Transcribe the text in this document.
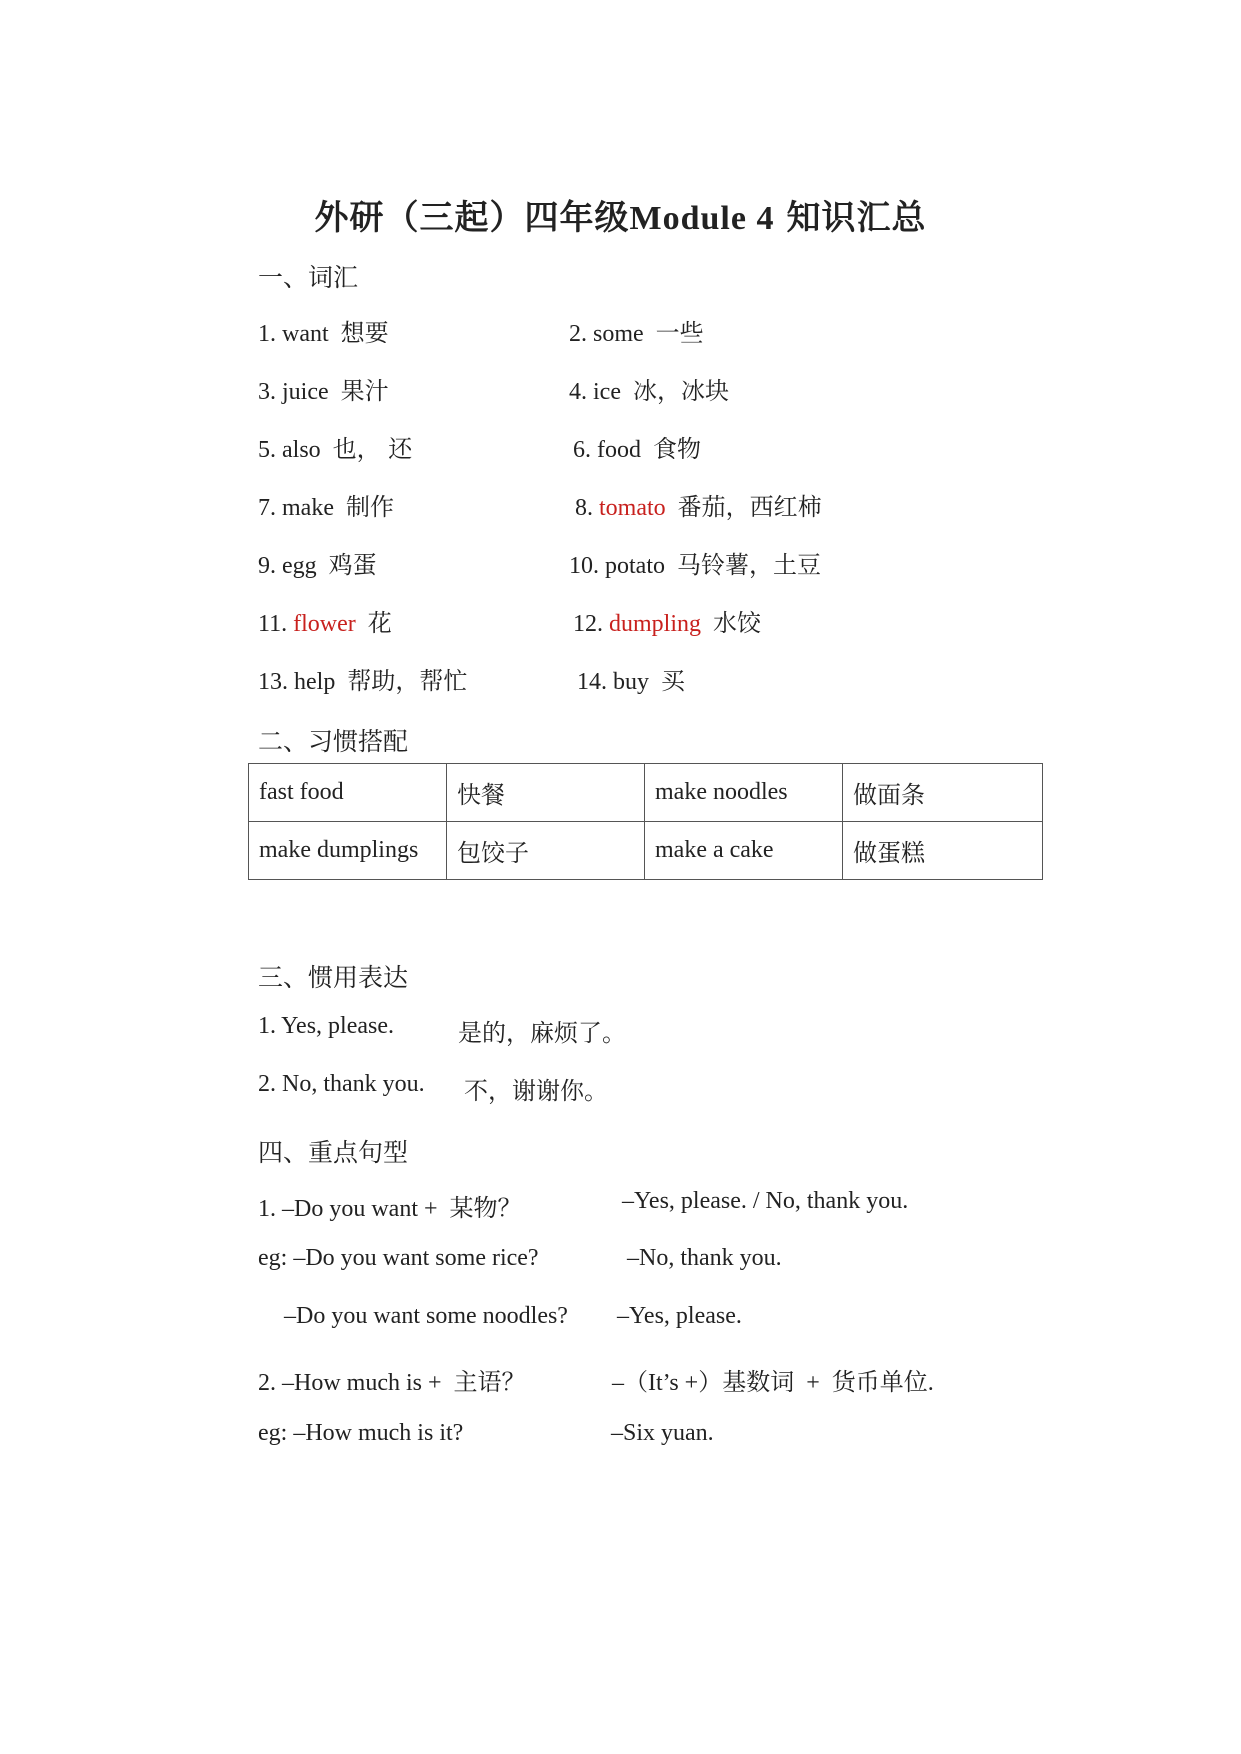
外研（三起）四年级Module 4 知识汇总
一、词汇
1. want 想要	2. some 一些
3. juice 果汁	4. ice 冰，冰块
5. also 也， 还	6. food 食物
7. make 制作	8. tomato 番茄，西红柿
9. egg 鸡蛋	10. potato 马铃薯，土豆
11. flower 花	12. dumpling 水饺
13. help 帮助，帮忙	14. buy 买
二、习惯搭配
fast food	快餐	make noodles	做面条
make dumplings	包饺子	make a cake	做蛋糕
三、惯用表达
1. Yes, please.	是的，麻烦了。
2. No, thank you. 不，谢谢你。
四、重点句型
1. –Do you want + 某物？	–Yes, please. / No, thank you.
eg: –Do you want some rice?	–No, thank you.
–Do you want some noodles? –Yes, please.
2. –How much is + 主语？	–（It’s +）基数词 + 货币单位.
eg: –How much is it?	–Six yuan.
